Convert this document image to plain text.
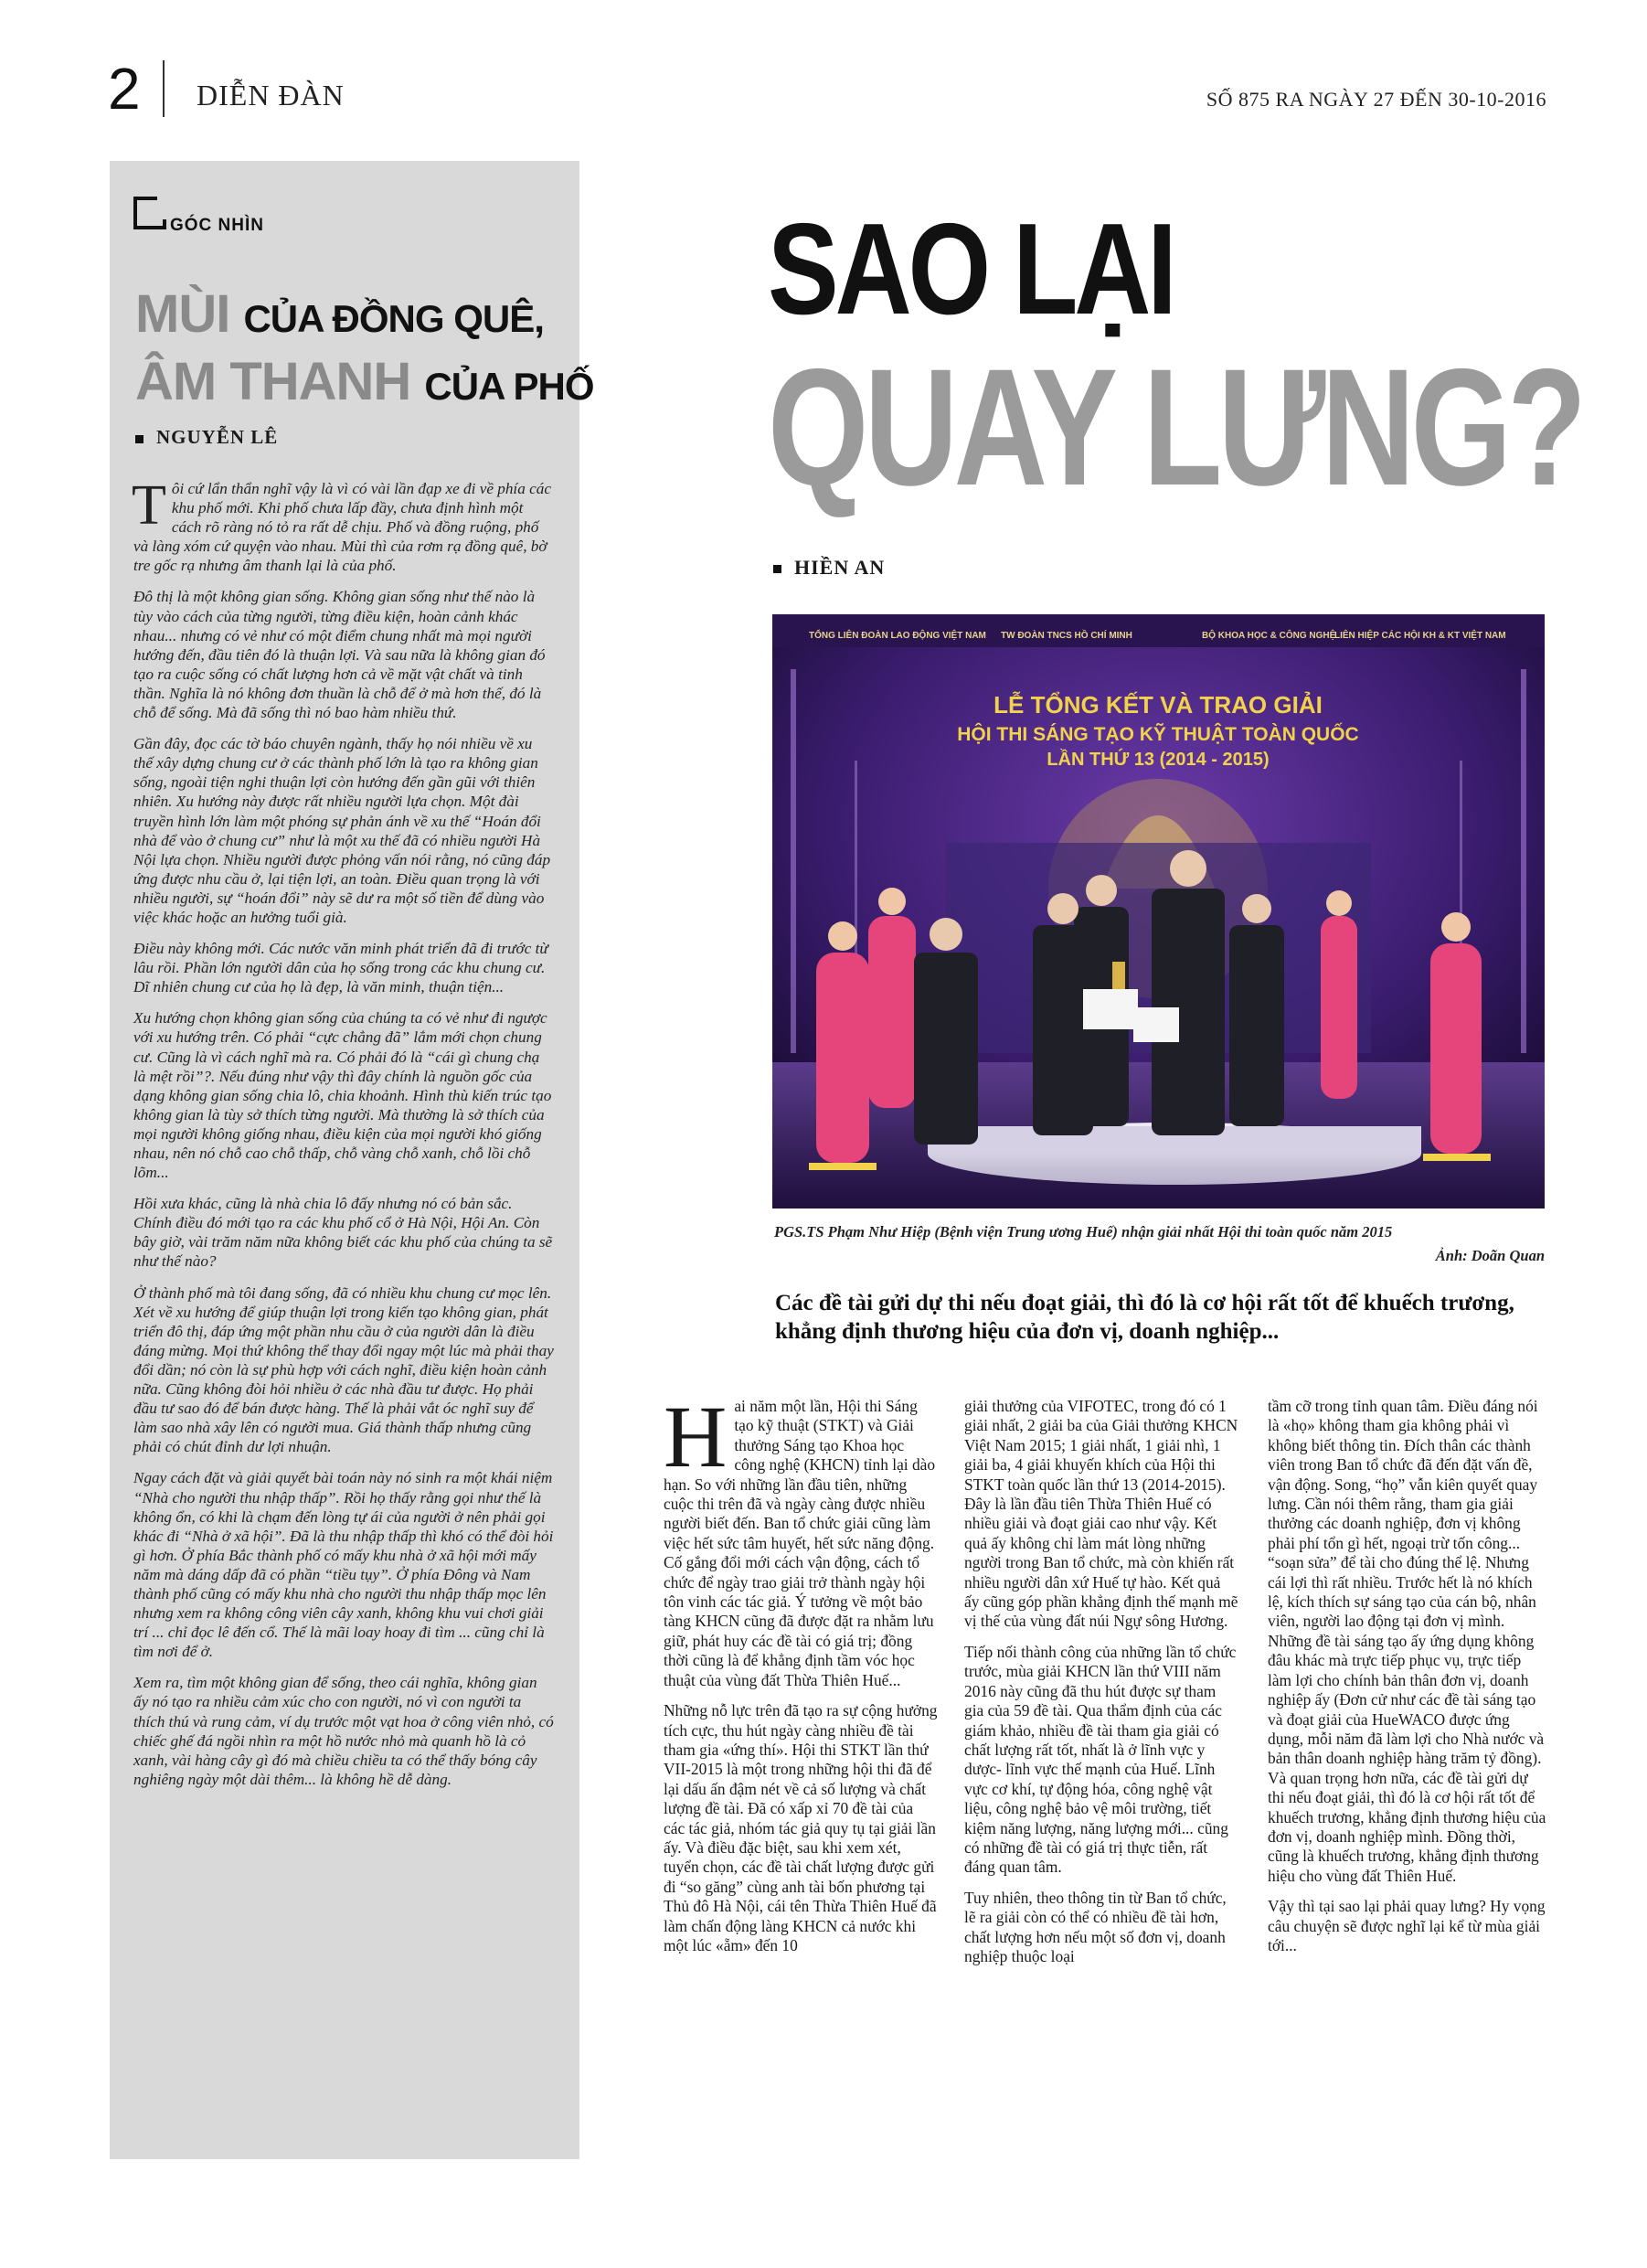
2 DIỄN ĐÀN	SỐ 875 RA NGÀY 27 ĐẾN 30-10-2016
GÓC NHÌN
MÙI CỦA ĐỒNG QUÊ,
ÂM THANH CỦA PHỐ
NGUYỄN LÊ

Tôi cứ lẩn thẩn nghĩ vậy là vì có vài lần đạp xe đi về phía các khu phố mới. Khi phố chưa lấp đầy, chưa định hình một cách rõ ràng nó tỏ ra rất dễ chịu. Phố và đồng ruộng, phố và làng xóm cứ quyện vào nhau. Mùi thì của rơm rạ đồng quê, bờ tre gốc rạ nhưng âm thanh lại là của phố.

Đô thị là một không gian sống. Không gian sống như thế nào là tùy vào cách của từng người, từng điều kiện, hoàn cảnh khác nhau... nhưng có vẻ như có một điểm chung nhất mà mọi người hướng đến, đầu tiên đó là thuận lợi. Và sau nữa là không gian đó tạo ra cuộc sống có chất lượng hơn cả về mặt vật chất và tinh thần. Nghĩa là nó không đơn thuần là chỗ để ở mà hơn thế, đó là chỗ để sống. Mà đã sống thì nó bao hàm nhiều thứ.

Gần đây, đọc các tờ báo chuyên ngành, thấy họ nói nhiều về xu thế xây dựng chung cư ở các thành phố lớn là tạo ra không gian sống, ngoài tiện nghi thuận lợi còn hướng đến gần gũi với thiên nhiên. Xu hướng này được rất nhiều người lựa chọn. Một đài truyền hình lớn làm một phóng sự phản ánh về xu thế “Hoán đổi nhà để vào ở chung cư” như là một xu thế đã có nhiều người Hà Nội lựa chọn. Nhiều người được phỏng vấn nói rằng, nó cũng đáp ứng được nhu cầu ở, lại tiện lợi, an toàn. Điều quan trọng là với nhiều người, sự “hoán đổi” này sẽ dư ra một số tiền để dùng vào việc khác hoặc an hưởng tuổi già.

Điều này không mới. Các nước văn minh phát triển đã đi trước từ lâu rồi. Phần lớn người dân của họ sống trong các khu chung cư. Dĩ nhiên chung cư của họ là đẹp, là văn minh, thuận tiện...

Xu hướng chọn không gian sống của chúng ta có vẻ như đi ngược với xu hướng trên. Có phải “cực chẳng đã” lắm mới chọn chung cư. Cũng là vì cách nghĩ mà ra. Có phải đó là “cái gì chung chạ là mệt rồi”?. Nếu đúng như vậy thì đây chính là nguồn gốc của dạng không gian sống chia lô, chia khoảnh. Hình thù kiến trúc tạo không gian là tùy sở thích từng người. Mà thường là sở thích của mọi người không giống nhau, điều kiện của mọi người khó giống nhau, nên nó chỗ cao chỗ thấp, chỗ vàng chỗ xanh, chỗ lồi chỗ lõm...

Hồi xưa khác, cũng là nhà chia lô đấy nhưng nó có bản sắc. Chính điều đó mới tạo ra các khu phố cổ ở Hà Nội, Hội An. Còn bây giờ, vài trăm năm nữa không biết các khu phố của chúng ta sẽ như thế nào?

Ở thành phố mà tôi đang sống, đã có nhiều khu chung cư mọc lên. Xét về xu hướng để giúp thuận lợi trong kiến tạo không gian, phát triển đô thị, đáp ứng một phần nhu cầu ở của người dân là điều đáng mừng. Mọi thứ không thể thay đổi ngay một lúc mà phải thay đổi dần; nó còn là sự phù hợp với cách nghĩ, điều kiện hoàn cảnh nữa. Cũng không đòi hỏi nhiều ở các nhà đầu tư được. Họ phải đầu tư sao đó để bán được hàng. Thế là phải vắt óc nghĩ suy để làm sao nhà xây lên có người mua. Giá thành thấp nhưng cũng phải có chút đỉnh dư lợi nhuận.

Ngay cách đặt và giải quyết bài toán này nó sinh ra một khái niệm “Nhà cho người thu nhập thấp”. Rồi họ thấy rằng gọi như thế là không ổn, có khi là chạm đến lòng tự ái của người ở nên phải gọi khác đi “Nhà ở xã hội”. Đã là thu nhập thấp thì khó có thể đòi hỏi gì hơn. Ở phía Bắc thành phố có mấy khu nhà ở xã hội mới mấy năm mà dáng dấp đã có phần “tiều tụy”. Ở phía Đông và Nam thành phố cũng có mấy khu nhà cho người thu nhập thấp mọc lên nhưng xem ra không công viên cây xanh, không khu vui chơi giải trí ... chỉ đọc lê đến cổ. Thế là mãi loay hoay đi tìm ... cũng chỉ là tìm nơi để ở.

Xem ra, tìm một không gian để sống, theo cái nghĩa, không gian ấy nó tạo ra nhiều cảm xúc cho con người, nó vì con người ta thích thú và rung cảm, ví dụ trước một vạt hoa ở công viên nhỏ, có chiếc ghế đá ngồi nhìn ra một hồ nước nhỏ mà quanh hồ là cỏ xanh, vài hàng cây gì đó mà chiều chiều ta có thể thấy bóng cây nghiêng ngày một dài thêm... là không hề dễ dàng.

SAO LẠI
QUAY LƯNG?
HIỀN AN
TỔNG LIÊN ĐOÀN LAO ĐỘNG VIỆT NAM TW ĐOÀN TNCS HỒ CHÍ MINH	BỘ KHOA HỌC & CÔNG NGHỆ
LIÊN HIỆP CÁC HỘI KH & KT VIỆT NAM
LỄ TỔNG KẾT VÀ TRAO GIẢI
HỘI THI SÁNG TẠO KỸ THUẬT TOÀN QUỐC
LẦN THỨ 13 (2014 - 2015)
PGS.TS Phạm Như Hiệp (Bệnh viện Trung ương Huế) nhận giải nhất Hội thi toàn quốc năm 2015
Ảnh: Doãn Quan
Các đề tài gửi dự thi nếu đoạt giải, thì đó là cơ hội rất tốt để khuếch trương, khẳng định thương hiệu của đơn vị, doanh nghiệp...

Hai năm một lần, Hội thi Sáng tạo kỹ thuật (STKT) và Giải thưởng Sáng tạo Khoa học công nghệ (KHCN) tỉnh lại dào hạn. So với những lần đầu tiên, những cuộc thi trên đã và ngày càng được nhiều người biết đến. Ban tổ chức giải cũng làm việc hết sức tâm huyết, hết sức năng động. Cố gắng đổi mới cách vận động, cách tổ chức để ngày trao giải trở thành ngày hội tôn vinh các tác giả. Ý tưởng về một bảo tàng KHCN cũng đã được đặt ra nhằm lưu giữ, phát huy các đề tài có giá trị; đồng thời cũng là để khẳng định tầm vóc học thuật của vùng đất Thừa Thiên Huế...

Những nỗ lực trên đã tạo ra sự cộng hưởng tích cực, thu hút ngày càng nhiều đề tài tham gia «ứng thí». Hội thi STKT lần thứ VII-2015 là một trong những hội thi đã để lại dấu ấn đậm nét về cả số lượng và chất lượng đề tài. Đã có xấp xỉ 70 đề tài của các tác giả, nhóm tác giả quy tụ tại giải lần ấy. Và điều đặc biệt, sau khi xem xét, tuyển chọn, các đề tài chất lượng được gửi đi “so găng” cùng anh tài bốn phương tại Thủ đô Hà Nội, cái tên Thừa Thiên Huế đã làm chấn động làng KHCN cả nước khi một lúc «ẵm» đến 10

giải thưởng của VIFOTEC, trong đó có 1 giải nhất, 2 giải ba của Giải thưởng KHCN Việt Nam 2015; 1 giải nhất, 1 giải nhì, 1 giải ba, 4 giải khuyến khích của Hội thi STKT toàn quốc lần thứ 13 (2014-2015). Đây là lần đầu tiên Thừa Thiên Huế có nhiều giải và đoạt giải cao như vậy. Kết quả ấy không chỉ làm mát lòng những người trong Ban tổ chức, mà còn khiến rất nhiều người dân xứ Huế tự hào. Kết quả ấy cũng góp phần khẳng định thế mạnh mẽ vị thế của vùng đất núi Ngự sông Hương.

Tiếp nối thành công của những lần tổ chức trước, mùa giải KHCN lần thứ VIII năm 2016 này cũng đã thu hút được sự tham gia của 59 đề tài. Qua thẩm định của các giám khảo, nhiều đề tài tham gia giải có chất lượng rất tốt, nhất là ở lĩnh vực y dược- lĩnh vực thế mạnh của Huế. Lĩnh vực cơ khí, tự động hóa, công nghệ vật liệu, công nghệ bảo vệ môi trường, tiết kiệm năng lượng, năng lượng mới... cũng có những đề tài có giá trị thực tiễn, rất đáng quan tâm.

Tuy nhiên, theo thông tin từ Ban tổ chức, lẽ ra giải còn có thể có nhiều đề tài hơn, chất lượng hơn nếu một số đơn vị, doanh nghiệp thuộc loại

tầm cỡ trong tỉnh quan tâm. Điều đáng nói là «họ» không tham gia không phải vì không biết thông tin. Đích thân các thành viên trong Ban tổ chức đã đến đặt vấn đề, vận động. Song, “họ” vẫn kiên quyết quay lưng. Cần nói thêm rằng, tham gia giải thưởng các doanh nghiệp, đơn vị không phải phí tổn gì hết, ngoại trừ tốn công... “soạn sửa” để tài cho đúng thể lệ. Nhưng cái lợi thì rất nhiều. Trước hết là nó khích lệ, kích thích sự sáng tạo của cán bộ, nhân viên, người lao động tại đơn vị mình. Những đề tài sáng tạo ấy ứng dụng không đâu khác mà trực tiếp phục vụ, trực tiếp làm lợi cho chính bản thân đơn vị, doanh nghiệp ấy (Đơn cử như các đề tài sáng tạo và đoạt giải của HueWACO được ứng dụng, mỗi năm đã làm lợi cho Nhà nước và bản thân doanh nghiệp hàng trăm tỷ đồng). Và quan trọng hơn nữa, các đề tài gửi dự thi nếu đoạt giải, thì đó là cơ hội rất tốt để khuếch trương, khẳng định thương hiệu của đơn vị, doanh nghiệp mình. Đồng thời, cũng là khuếch trương, khẳng định thương hiệu cho vùng đất Thiên Huế.

Vậy thì tại sao lại phải quay lưng? Hy vọng câu chuyện sẽ được nghĩ lại kể từ mùa giải tới...
